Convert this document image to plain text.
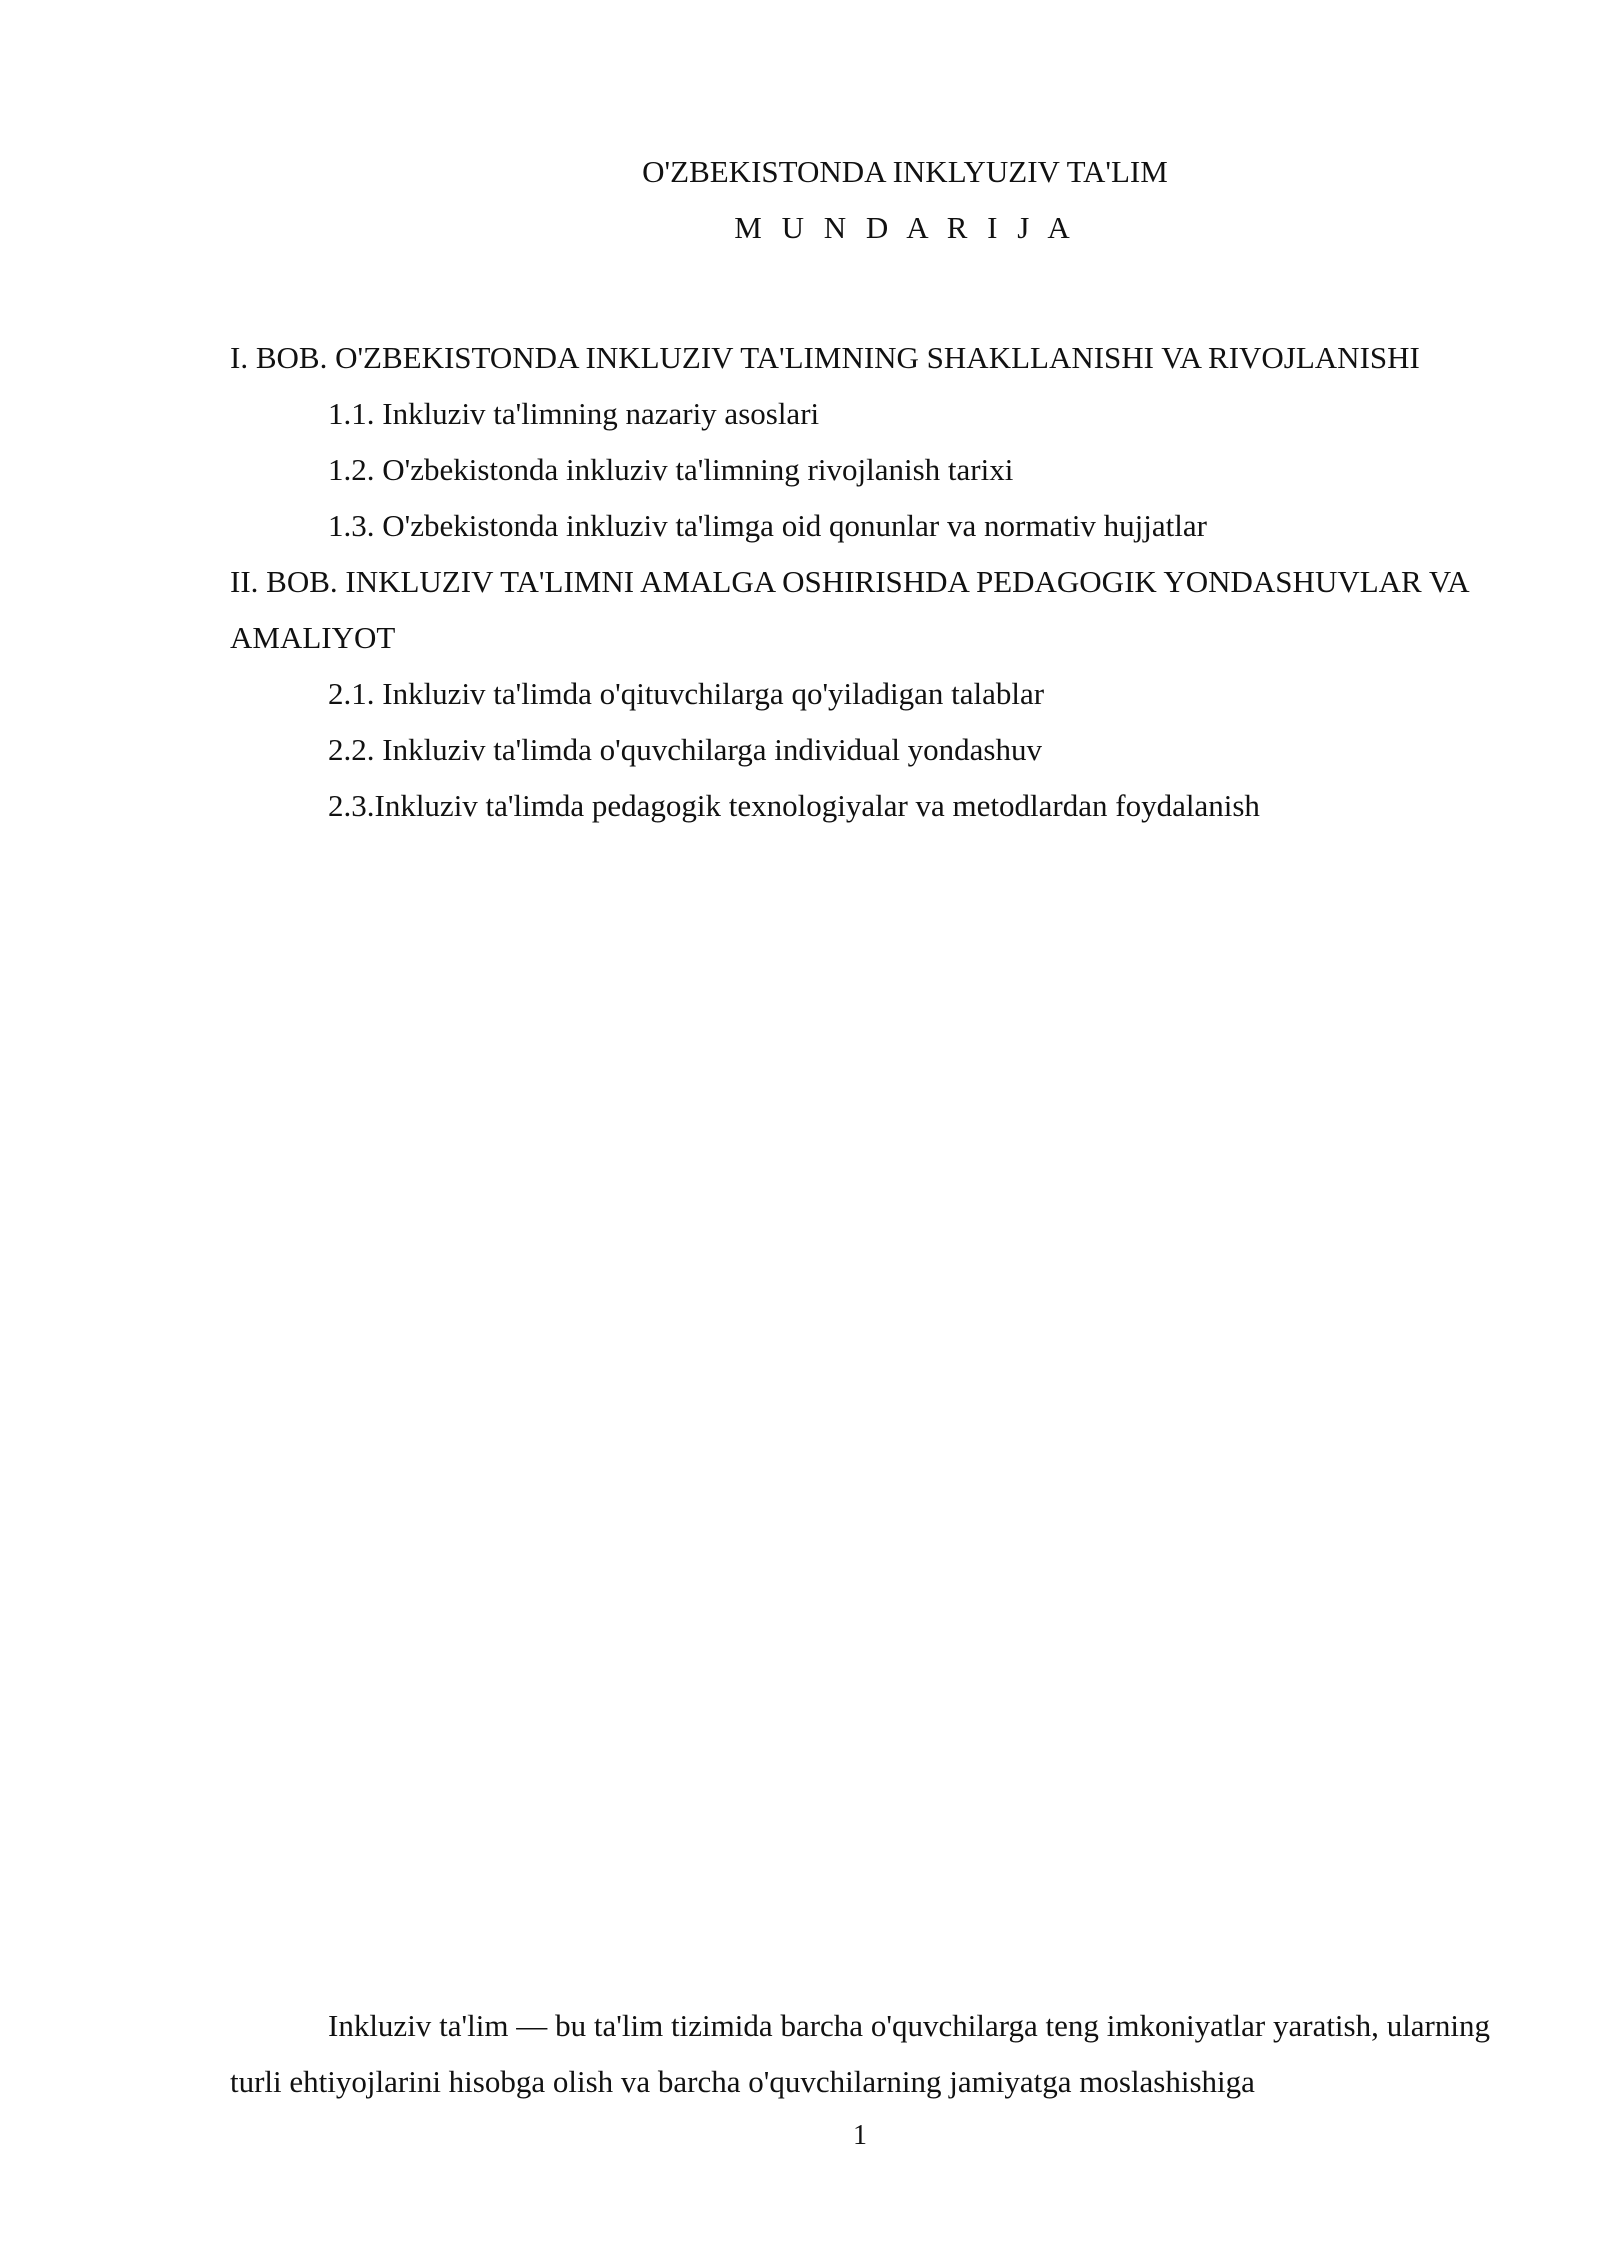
O'ZBEKISTONDA INKLYUZIV TA'LIM
M U N D A R I J A

I. BOB. O'ZBEKISTONDA INKLUZIV TA'LIMNING SHAKLLANISHI VA RIVOJLANISHI

1.1. Inkluziv ta'limning nazariy asoslari

1.2. O'zbekistonda inkluziv ta'limning rivojlanish tarixi

1.3. O'zbekistonda inkluziv ta'limga oid qonunlar va normativ hujjatlar

II. BOB. INKLUZIV TA'LIMNI AMALGA OSHIRISHDA PEDAGOGIK YONDASHUVLAR VA AMALIYOT

2.1. Inkluziv ta'limda o'qituvchilarga qo'yiladigan talablar

2.2. Inkluziv ta'limda o'quvchilarga individual yondashuv

2.3.Inkluziv ta'limda pedagogik texnologiyalar va metodlardan foydalanish

Inkluziv ta'lim — bu ta'lim tizimida barcha o'quvchilarga teng imkoniyatlar yaratish, ularning turli ehtiyojlarini hisobga olish va barcha o'quvchilarning jamiyatga moslashishiga

1
